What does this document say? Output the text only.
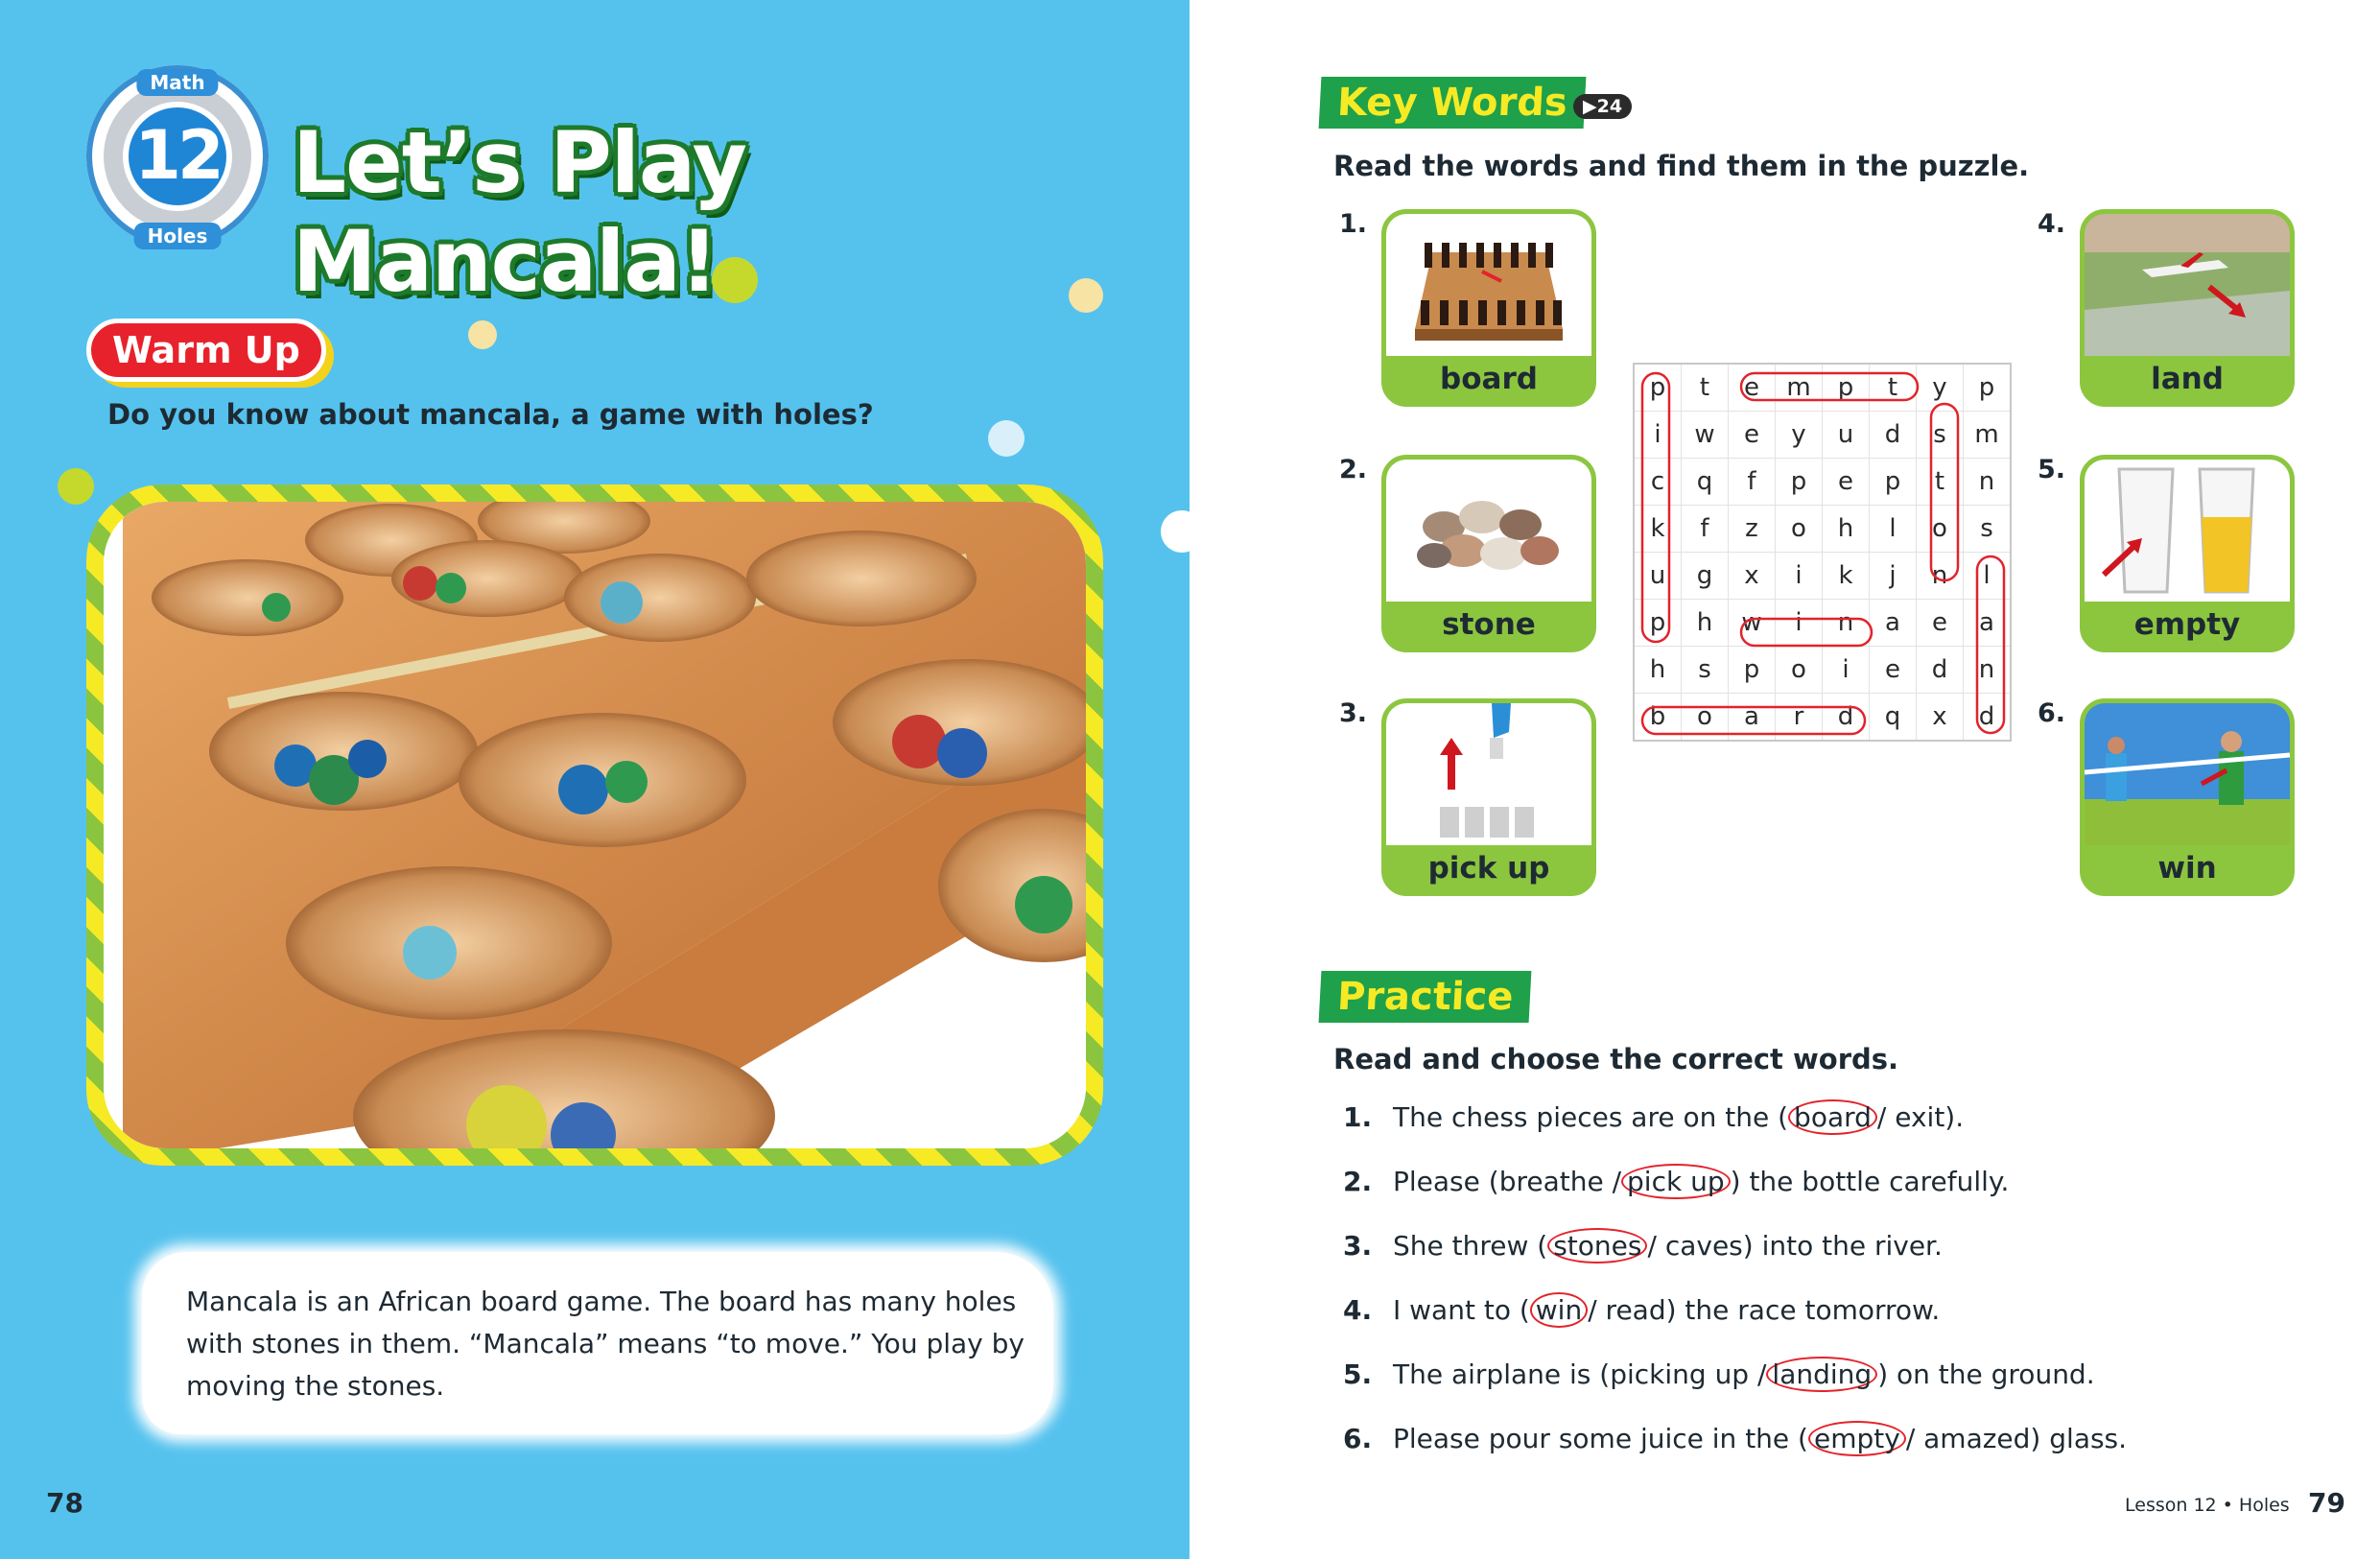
12
Math
Holes
Let’s Play Mancala!
Warm Up
Do you know about mancala, a game with holes?
Mancala is an African board game. The board has many holes with stones in them. “Mancala” means “to move.” You play by moving the stones.
78
Key Words ▶24
Read the words and find them in the puzzle.
1.
2.
3.
4.
5.
6.
board
stone
pick up
land
empty
win
p	t	e	m	p	t	y	p
i	w	e	y	u	d	s	m
c	q	f	p	e	p	t	n
k	f	z	o	h	l	o	s
u	g	x	i	k	j	n	l
p	h	w	i	n	a	e	a
h	s	p	o	i	e	d	n
b	o	a	r	d	q	x	d
Practice
Read and choose the correct words.
1. The chess pieces are on the ( board / exit).
2. Please (breathe / pick up ) the bottle carefully.
3. She threw ( stones / caves) into the river.
4. I want to ( win / read) the race tomorrow.
5. The airplane is (picking up / landing ) on the ground.
6. Please pour some juice in the ( empty / amazed) glass.
Lesson 12 • Holes 79
